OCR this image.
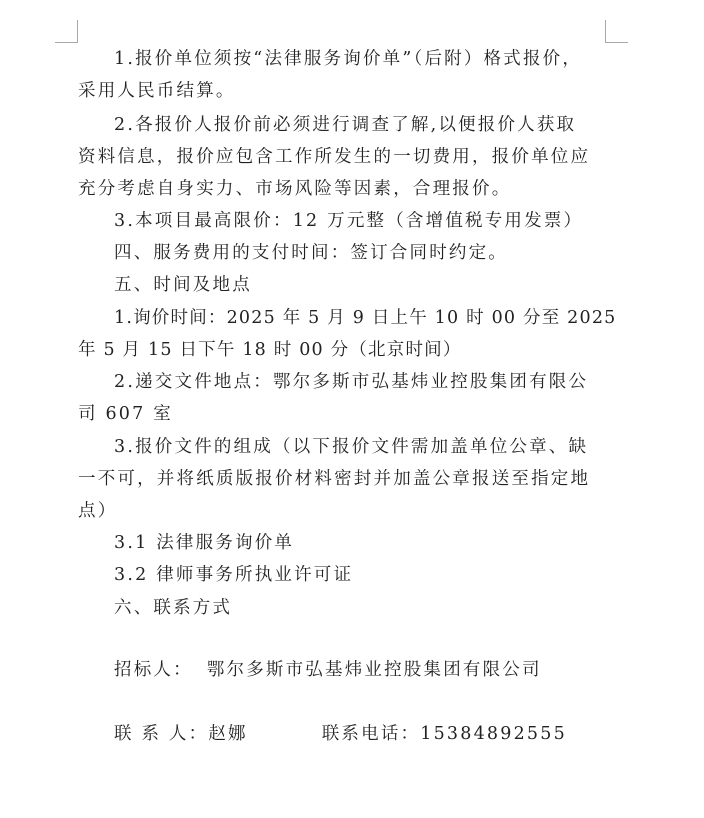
1.报价单位须按“法律服务询价单”（后附）格式报价，
采用人民币结算。
2.各报价人报价前必须进行调查了解,以便报价人获取
资料信息，报价应包含工作所发生的一切费用，报价单位应
充分考虑自身实力、市场风险等因素，合理报价。
3.本项目最高限价：12 万元整（含增值税专用发票）
四、服务费用的支付时间：签订合同时约定。
五、时间及地点
1.询价时间：2025 年 5 月 9 日上午 10 时 00 分至 2025
年 5 月 15 日下午 18 时 00 分（北京时间）
2.递交文件地点：鄂尔多斯市弘基炜业控股集团有限公
司 607 室
3.报价文件的组成（以下报价文件需加盖单位公章、缺
一不可，并将纸质版报价材料密封并加盖公章报送至指定地
点）
3.1 法律服务询价单
3.2 律师事务所执业许可证
六、联系方式
招标人： 鄂尔多斯市弘基炜业控股集团有限公司
联 系 人：赵娜	联系电话：15384892555
